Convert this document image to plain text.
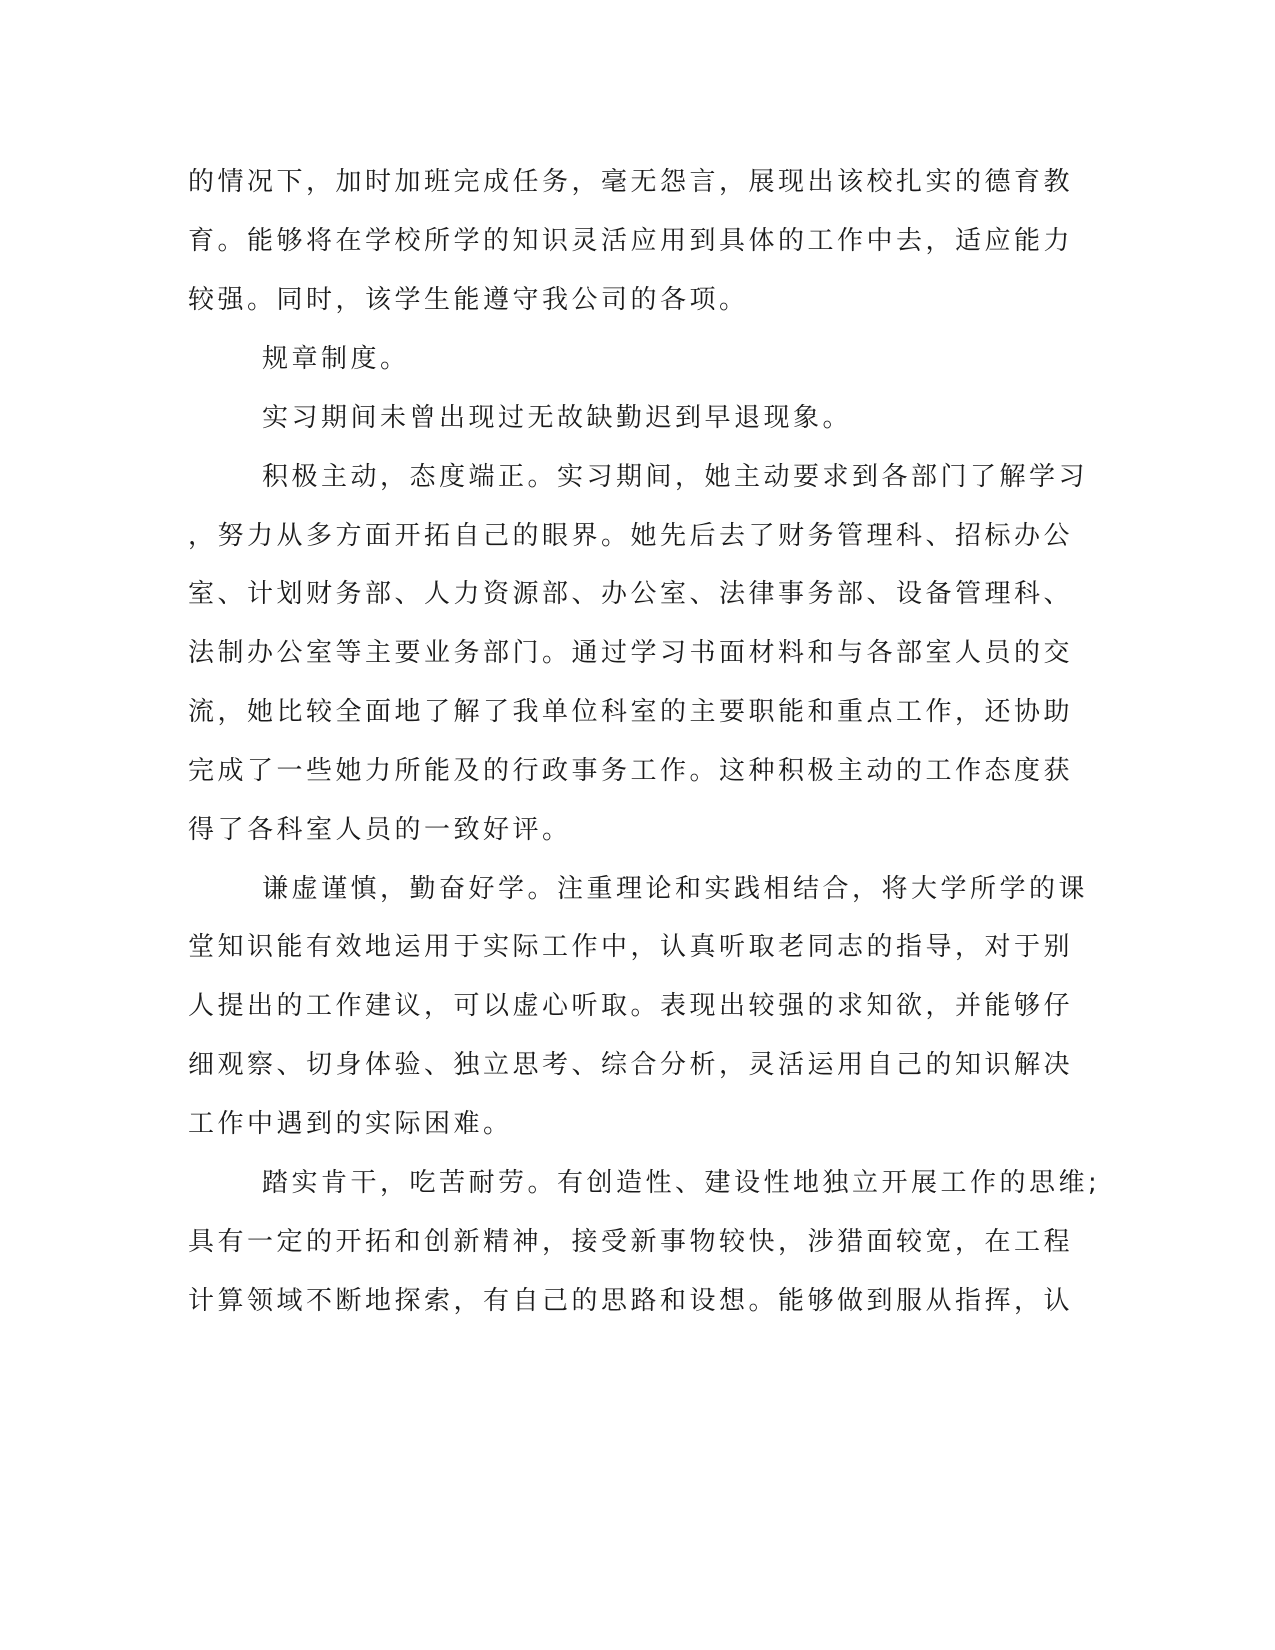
的情况下，加时加班完成任务，毫无怨言，展现出该校扎实的德育教
育。能够将在学校所学的知识灵活应用到具体的工作中去，适应能力
较强。同时，该学生能遵守我公司的各项。
规章制度。
实习期间未曾出现过无故缺勤迟到早退现象。
积极主动，态度端正。实习期间，她主动要求到各部门了解学习
，努力从多方面开拓自己的眼界。她先后去了财务管理科、招标办公
室、计划财务部、人力资源部、办公室、法律事务部、设备管理科、
法制办公室等主要业务部门。通过学习书面材料和与各部室人员的交
流，她比较全面地了解了我单位科室的主要职能和重点工作，还协助
完成了一些她力所能及的行政事务工作。这种积极主动的工作态度获
得了各科室人员的一致好评。
谦虚谨慎，勤奋好学。注重理论和实践相结合，将大学所学的课
堂知识能有效地运用于实际工作中，认真听取老同志的指导，对于别
人提出的工作建议，可以虚心听取。表现出较强的求知欲，并能够仔
细观察、切身体验、独立思考、综合分析，灵活运用自己的知识解决
工作中遇到的实际困难。
踏实肯干，吃苦耐劳。有创造性、建设性地独立开展工作的思维;
具有一定的开拓和创新精神，接受新事物较快，涉猎面较宽，在工程
计算领域不断地探索，有自己的思路和设想。能够做到服从指挥，认
